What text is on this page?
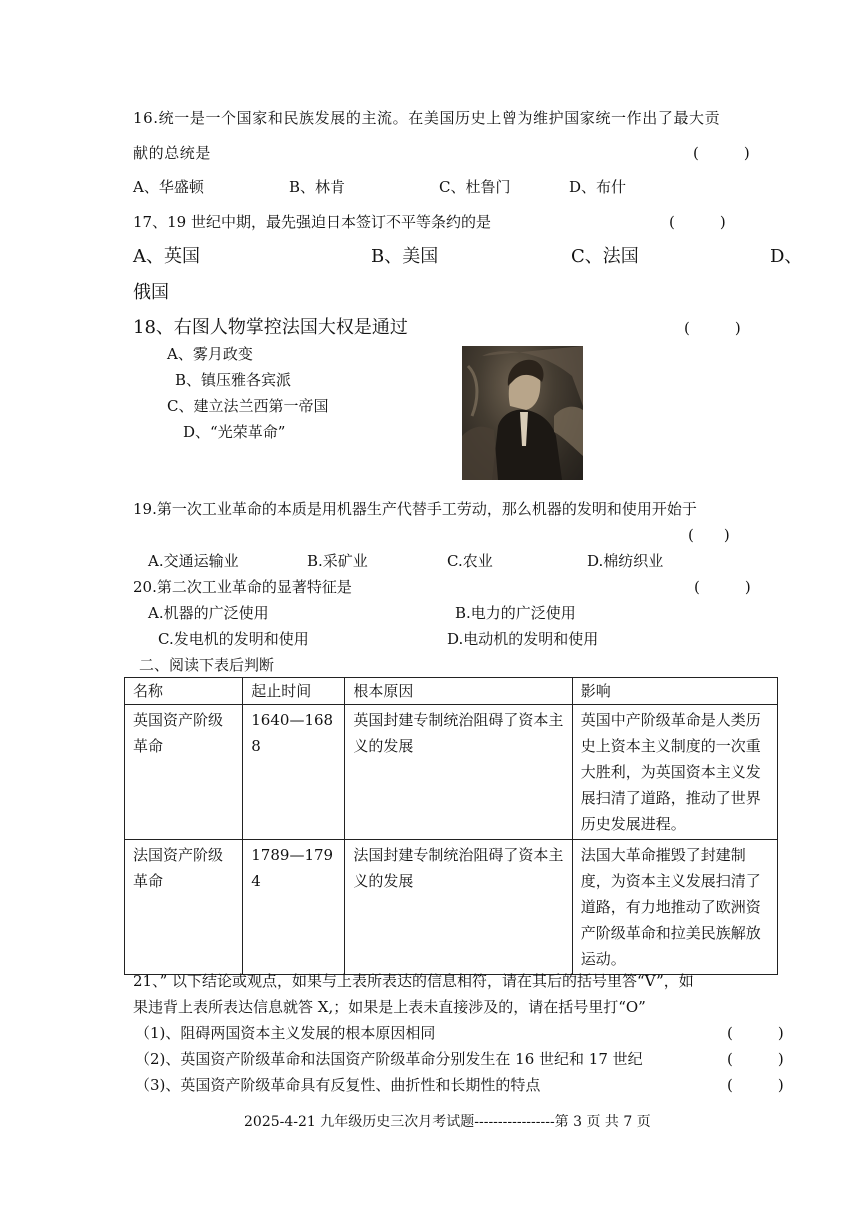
16.统一是一个国家和民族发展的主流。在美国历史上曾为维护国家统一作出了最大贡
献的总统是	(　　　)
A、华盛顿	B、林肯	C、杜鲁门	D、布什
17、19 世纪中期，最先强迫日本签订不平等条约的是	(　　　)
A、英国	B、美国	C、法国	D、
俄国
18、右图人物掌控法国大权是通过	(　　　)
A、雾月政变
B、镇压雅各宾派
C、建立法兰西第一帝国
D、“光荣革命”
19.第一次工业革命的本质是用机器生产代替手工劳动，那么机器的发明和使用开始于
(　　)
A.交通运输业	B.采矿业	C.农业	D.棉纺织业
20.第二次工业革命的显著特征是	(　　　)
A.机器的广泛使用	B.电力的广泛使用
C.发电机的发明和使用	D.电动机的发明和使用
二、阅读下表后判断
名称	起止时间	根本原因	影响
英国资产阶级革命	1640—1688	英国封建专制统治阻碍了资本主义的发展	英国中产阶级革命是人类历史上资本主义制度的一次重大胜利，为英国资本主义发展扫清了道路，推动了世界历史发展进程。
法国资产阶级革命	1789—1794	法国封建专制统治阻碍了资本主义的发展	法国大革命摧毁了封建制度，为资本主义发展扫清了道路，有力地推动了欧洲资产阶级革命和拉美民族解放运动。
21、” 以下结论或观点，如果与上表所表达的信息相符，请在其后的括号里答“V”，如
果违背上表所表达信息就答 X,；如果是上表未直接涉及的，请在括号里打“O”
（1)、阻碍两国资本主义发展的根本原因相同	(　　　)
（2)、英国资产阶级革命和法国资产阶级革命分别发生在 16 世纪和 17 世纪	(　　　)
（3)、英国资产阶级革命具有反复性、曲折性和长期性的特点	(　　　)
2025-4-21 九年级历史三次月考试题-----------------第 3 页 共 7 页
